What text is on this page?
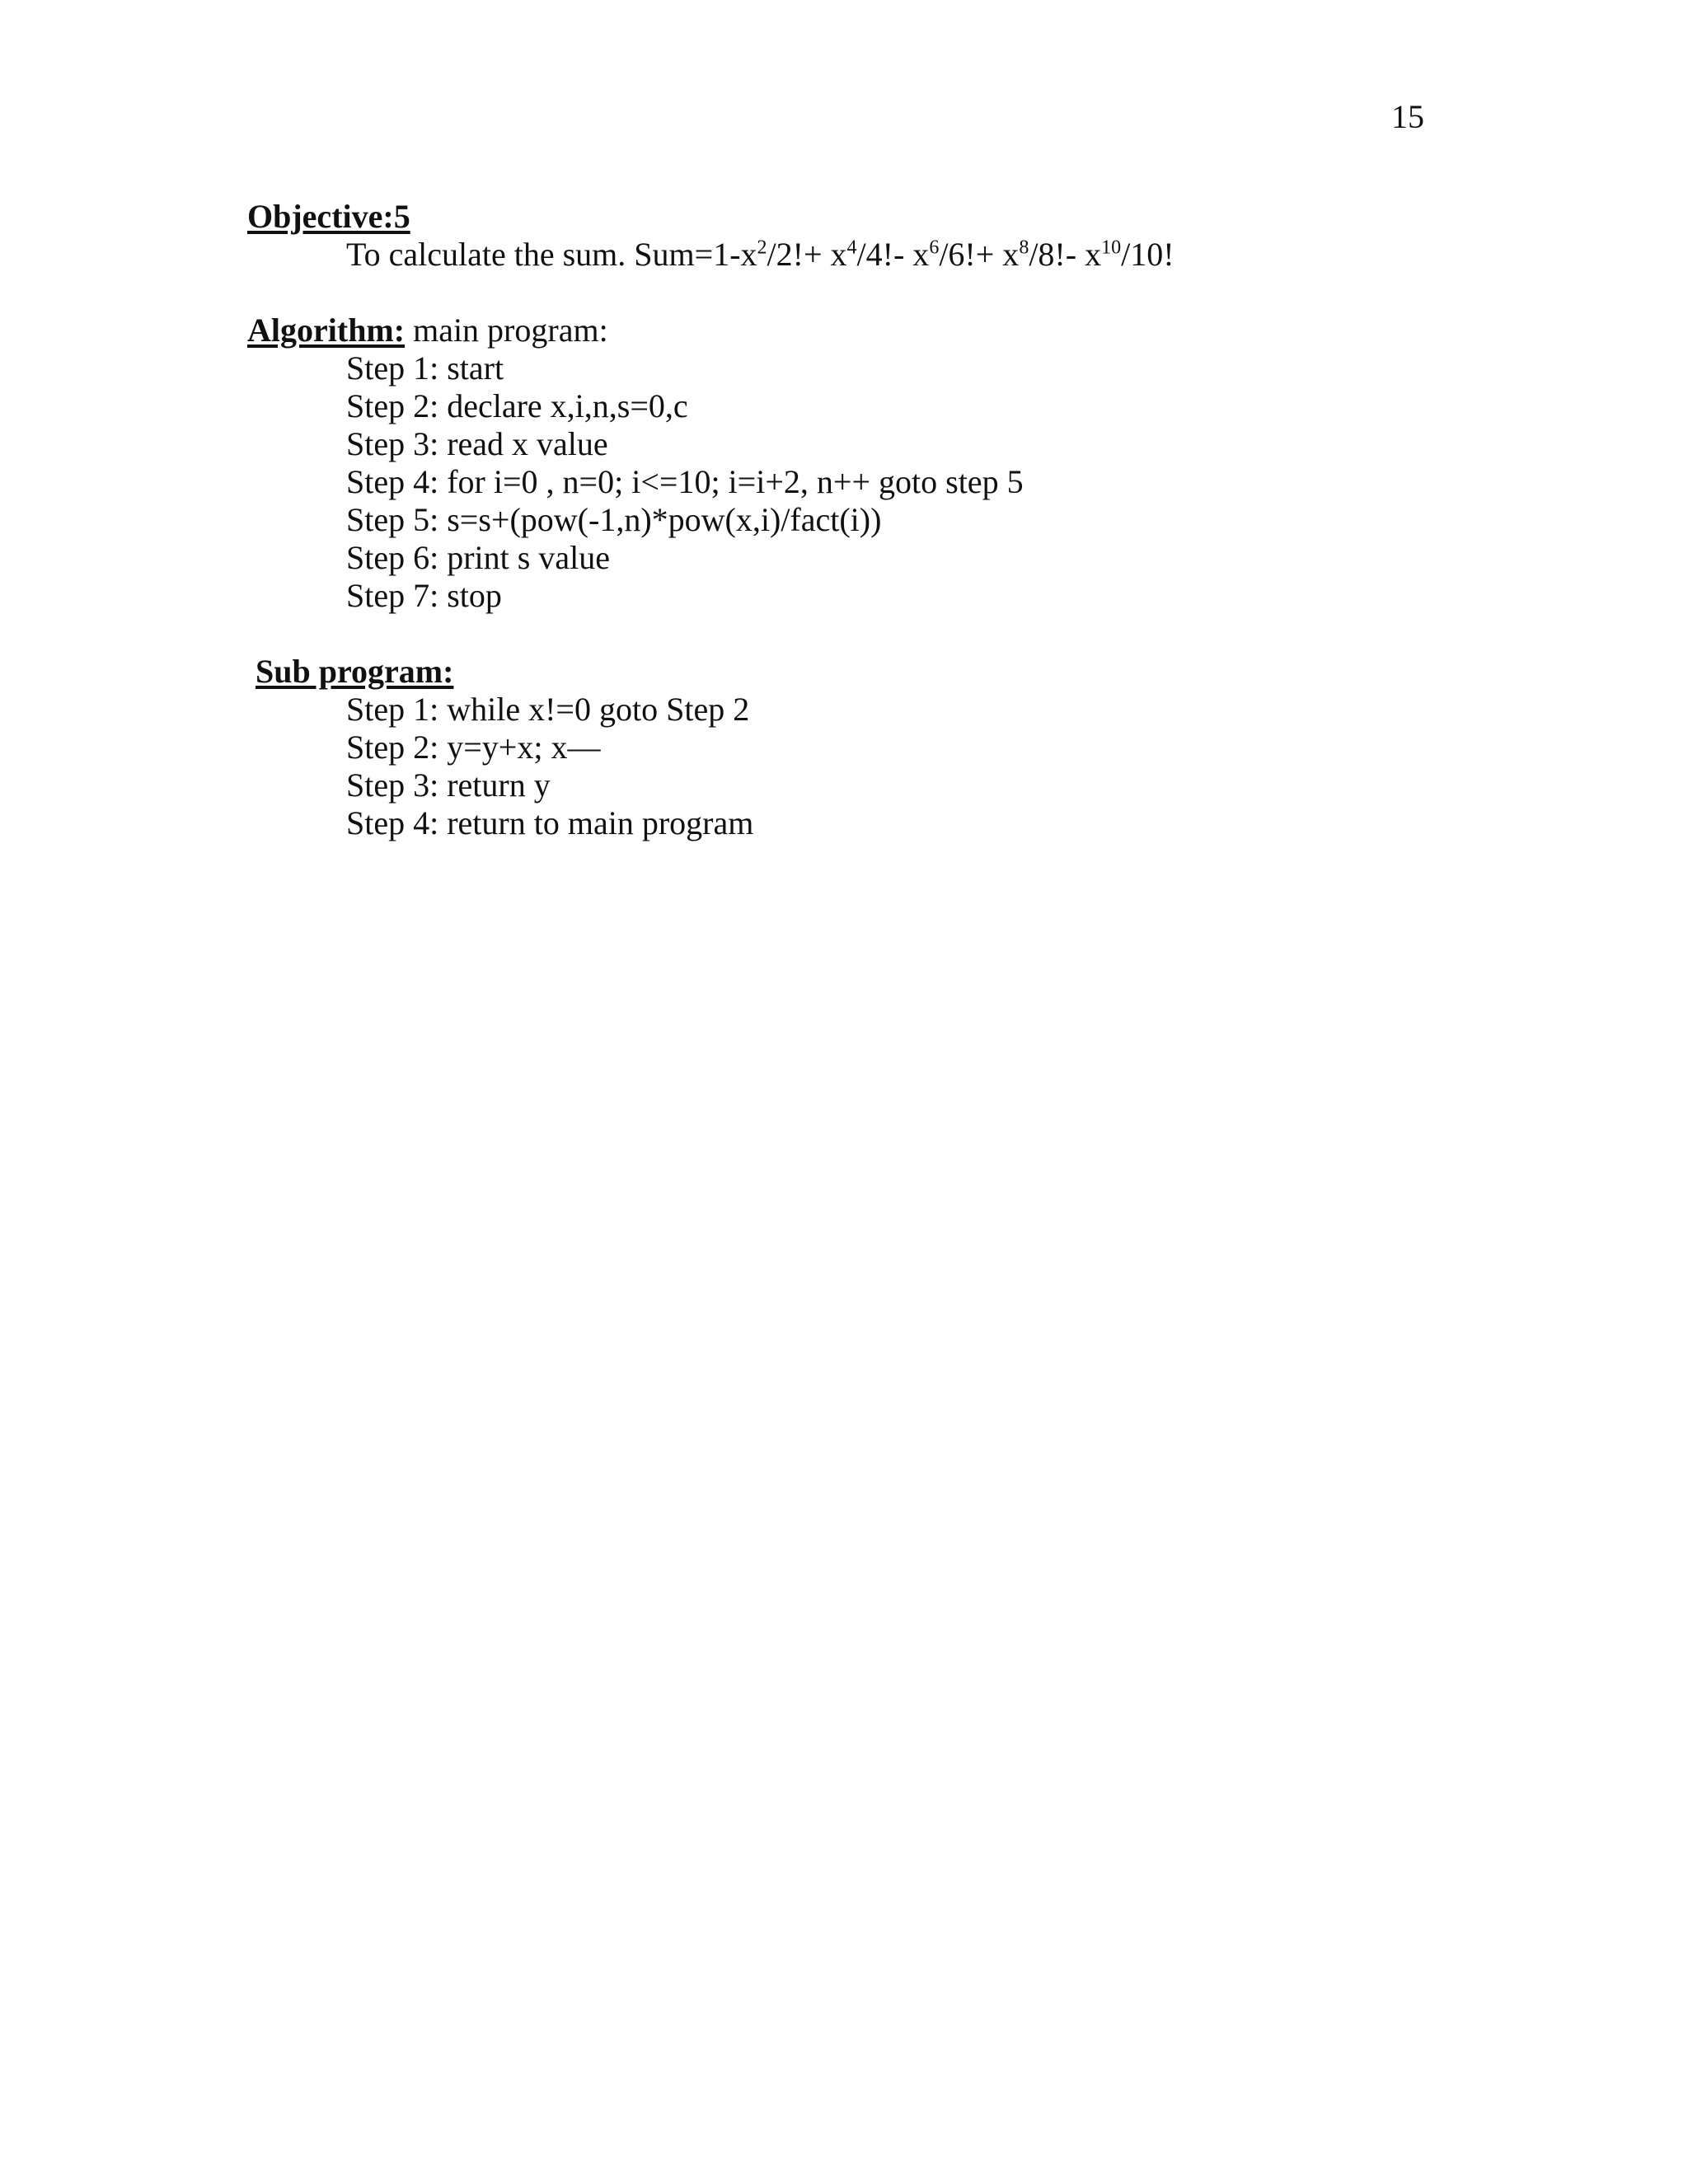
15
Objective:5
To calculate the sum. $Sum=1-x^2/2!+ x^4/4!-$ $x^6/6!+ x^8/8!-$ $x^{10}/10$!
Algorithm: main program:
Step 1: start
Step 2: declare x,i,n,s=0,c
Step 3: read x value
Step 4: for i=0 , n=0; i<=10; i=i+2, n++ goto step 5
Step 5: s=s+(pow(-1,n)*pow(x,i)/fact(i))
Step 6: print s value
Step 7: stop
Sub program:
Step 1: while x!=0 goto Step 2
Step 2: y=y+x; x—
Step 3: return y
Step 4: return to main program
